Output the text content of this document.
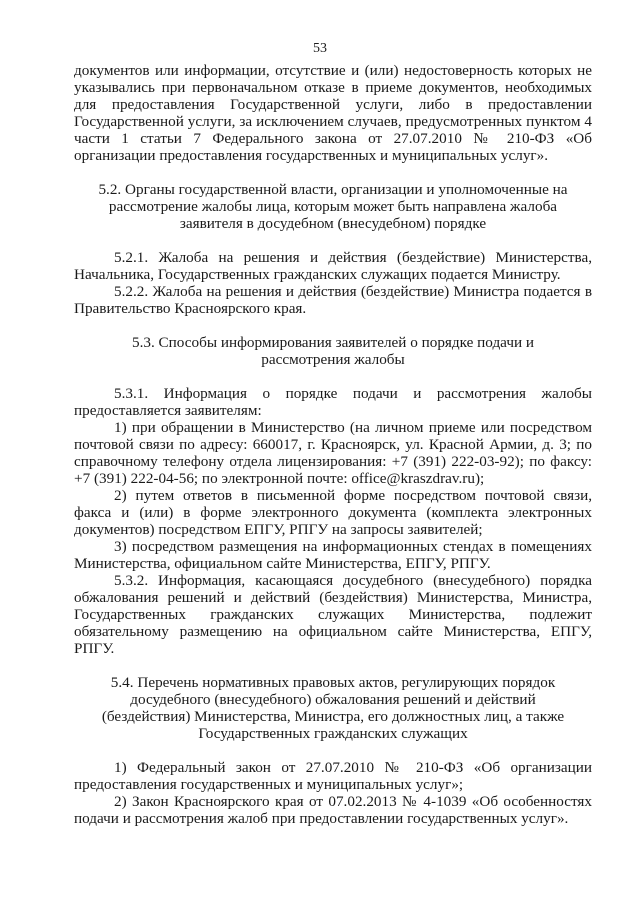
53

документов или информации, отсутствие и (или) недостоверность которых не указывались при первоначальном отказе в приеме документов, необходимых для предоставления Государственной услуги, либо в предоставлении Государственной услуги, за исключением случаев, предусмотренных пунктом 4 части 1 статьи 7 Федерального закона от 27.07.2010 № 210-ФЗ «Об организации предоставления государственных и муниципальных услуг».

5.2. Органы государственной власти, организации и уполномоченные на рассмотрение жалобы лица, которым может быть направлена жалоба заявителя в досудебном (внесудебном) порядке

5.2.1. Жалоба на решения и действия (бездействие) Министерства, Начальника, Государственных гражданских служащих подается Министру.

5.2.2. Жалоба на решения и действия (бездействие) Министра подается в Правительство Красноярского края.

5.3. Способы информирования заявителей о порядке подачи и рассмотрения жалобы

5.3.1. Информация о порядке подачи и рассмотрения жалобы предоставляется заявителям:

1) при обращении в Министерство (на личном приеме или посредством почтовой связи по адресу: 660017, г. Красноярск, ул. Красной Армии, д. 3; по справочному телефону отдела лицензирования: +7 (391) 222-03-92); по факсу: +7 (391) 222-04-56; по электронной почте: office@kraszdrav.ru);

2) путем ответов в письменной форме посредством почтовой связи, факса и (или) в форме электронного документа (комплекта электронных документов) посредством ЕПГУ, РПГУ на запросы заявителей;

3) посредством размещения на информационных стендах в помещениях Министерства, официальном сайте Министерства, ЕПГУ, РПГУ.

5.3.2. Информация, касающаяся досудебного (внесудебного) порядка обжалования решений и действий (бездействия) Министерства, Министра, Государственных гражданских служащих Министерства, подлежит обязательному размещению на официальном сайте Министерства, ЕПГУ, РПГУ.

5.4. Перечень нормативных правовых актов, регулирующих порядок досудебного (внесудебного) обжалования решений и действий (бездействия) Министерства, Министра, его должностных лиц, а также Государственных гражданских служащих

1) Федеральный закон от 27.07.2010 № 210-ФЗ «Об организации предоставления государственных и муниципальных услуг»;

2) Закон Красноярского края от 07.02.2013 № 4-1039 «Об особенностях подачи и рассмотрения жалоб при предоставлении государственных услуг».
